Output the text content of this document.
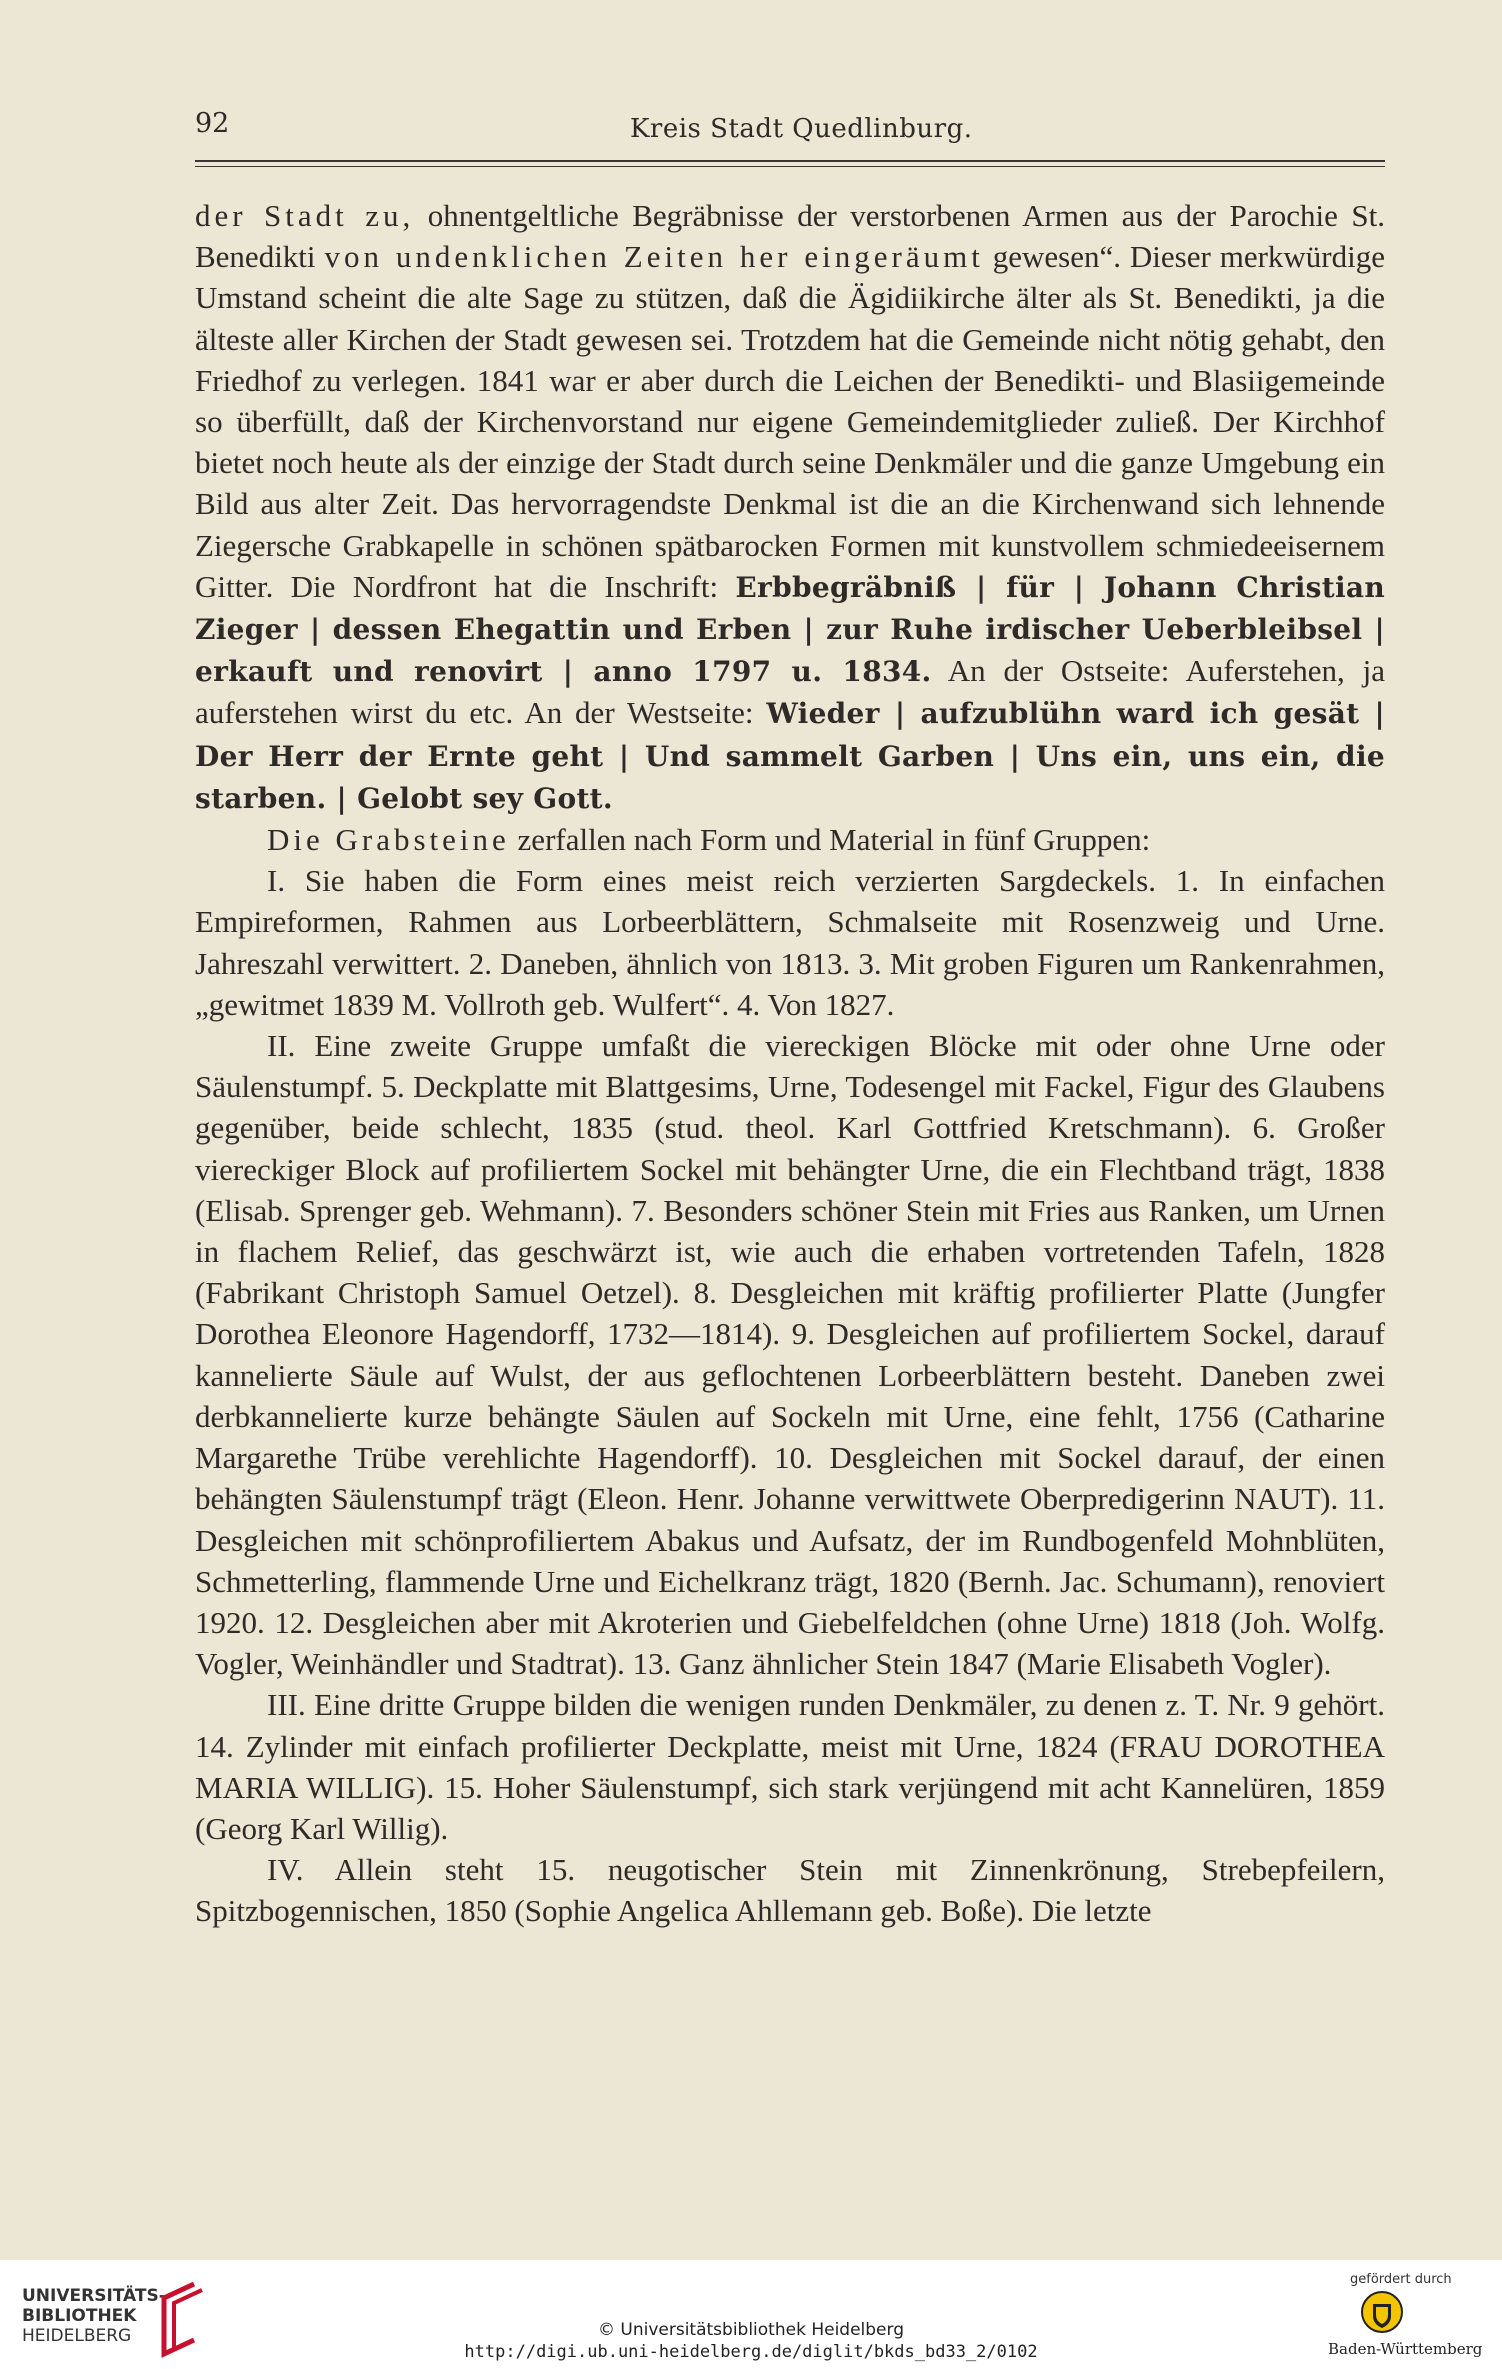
92	Kreis Stadt Quedlinburg.

der Stadt zu, ohnentgeltliche Begräbnisse der verstorbenen Armen aus der Parochie St. Benedikti von undenklichen Zeiten her eingeräumt gewesen“. Dieser merkwürdige Umstand scheint die alte Sage zu stützen, daß die Ägidiikirche älter als St. Benedikti, ja die älteste aller Kirchen der Stadt gewesen sei. Trotzdem hat die Gemeinde nicht nötig gehabt, den Friedhof zu verlegen. 1841 war er aber durch die Leichen der Benedikti- und Blasiigemeinde so überfüllt, daß der Kirchenvorstand nur eigene Gemeindemitglieder zuließ. Der Kirchhof bietet noch heute als der einzige der Stadt durch seine Denkmäler und die ganze Umgebung ein Bild aus alter Zeit. Das hervorragendste Denkmal ist die an die Kirchenwand sich lehnende Ziegersche Grabkapelle in schönen spätbarocken Formen mit kunstvollem schmiedeeisernem Gitter. Die Nordfront hat die Inschrift: Erbbegräbniß | für | Johann Christian Zieger | dessen Ehegattin und Erben | zur Ruhe irdischer Ueberbleibsel | erkauft und renovirt | anno 1797 u. 1834. An der Ostseite: Auferstehen, ja auferstehen wirst du etc. An der Westseite: Wieder | aufzublühn ward ich gesät | Der Herr der Ernte geht | Und sammelt Garben | Uns ein, uns ein, die starben. | Gelobt sey Gott.

Die Grabsteine zerfallen nach Form und Material in fünf Gruppen:

I. Sie haben die Form eines meist reich verzierten Sargdeckels. 1. In einfachen Empireformen, Rahmen aus Lorbeerblättern, Schmalseite mit Rosenzweig und Urne. Jahreszahl verwittert. 2. Daneben, ähnlich von 1813. 3. Mit groben Figuren um Rankenrahmen, „gewitmet 1839 M. Vollroth geb. Wulfert“. 4. Von 1827.

II. Eine zweite Gruppe umfaßt die viereckigen Blöcke mit oder ohne Urne oder Säulenstumpf. 5. Deckplatte mit Blattgesims, Urne, Todesengel mit Fackel, Figur des Glaubens gegenüber, beide schlecht, 1835 (stud. theol. Karl Gottfried Kretschmann). 6. Großer viereckiger Block auf profiliertem Sockel mit behängter Urne, die ein Flechtband trägt, 1838 (Elisab. Sprenger geb. Wehmann). 7. Besonders schöner Stein mit Fries aus Ranken, um Urnen in flachem Relief, das geschwärzt ist, wie auch die erhaben vortretenden Tafeln, 1828 (Fabrikant Christoph Samuel Oetzel). 8. Desgleichen mit kräftig profilierter Platte (Jungfer Dorothea Eleonore Hagendorff, 1732—1814). 9. Desgleichen auf profiliertem Sockel, darauf kannelierte Säule auf Wulst, der aus geflochtenen Lorbeerblättern besteht. Daneben zwei derbkannelierte kurze behängte Säulen auf Sockeln mit Urne, eine fehlt, 1756 (Catharine Margarethe Trübe verehlichte Hagendorff). 10. Desgleichen mit Sockel darauf, der einen behängten Säulenstumpf trägt (Eleon. Henr. Johanne verwittwete Oberpredigerinn NAUT). 11. Desgleichen mit schönprofiliertem Abakus und Aufsatz, der im Rundbogenfeld Mohnblüten, Schmetterling, flammende Urne und Eichelkranz trägt, 1820 (Bernh. Jac. Schumann), renoviert 1920. 12. Desgleichen aber mit Akroterien und Giebelfeldchen (ohne Urne) 1818 (Joh. Wolfg. Vogler, Weinhändler und Stadtrat). 13. Ganz ähnlicher Stein 1847 (Marie Elisabeth Vogler).

III. Eine dritte Gruppe bilden die wenigen runden Denkmäler, zu denen z. T. Nr. 9 gehört. 14. Zylinder mit einfach profilierter Deckplatte, meist mit Urne, 1824 (FRAU DOROTHEA MARIA WILLIG). 15. Hoher Säulenstumpf, sich stark verjüngend mit acht Kannelüren, 1859 (Georg Karl Willig).

IV. Allein steht 15. neugotischer Stein mit Zinnenkrönung, Strebepfeilern, Spitzbogennischen, 1850 (Sophie Angelica Ahllemann geb. Boße). Die letzte

UNIVERSITÄTS-
BIBLIOTHEK
HEIDELBERG	© Universitätsbibliothek Heidelberg
http://digi.ub.uni-heidelberg.de/diglit/bkds_bd33_2/0102
gefördert durch
Baden-Württemberg
